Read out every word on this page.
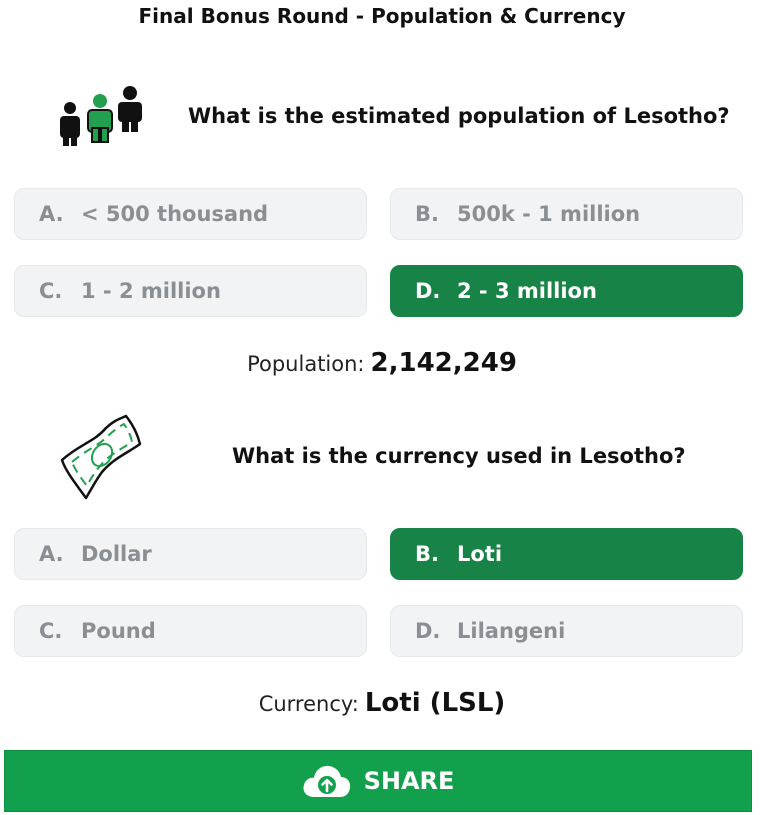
Final Bonus Round - Population & Currency
What is the estimated population of Lesotho?
A. < 500 thousand	B. 500k - 1 million
C. 1 - 2 million	D. 2 - 3 million
Population: 2,142,249
What is the currency used in Lesotho?
A. Dollar	B. Loti
C. Pound	D. Lilangeni
Currency: Loti (LSL)
SHARE
